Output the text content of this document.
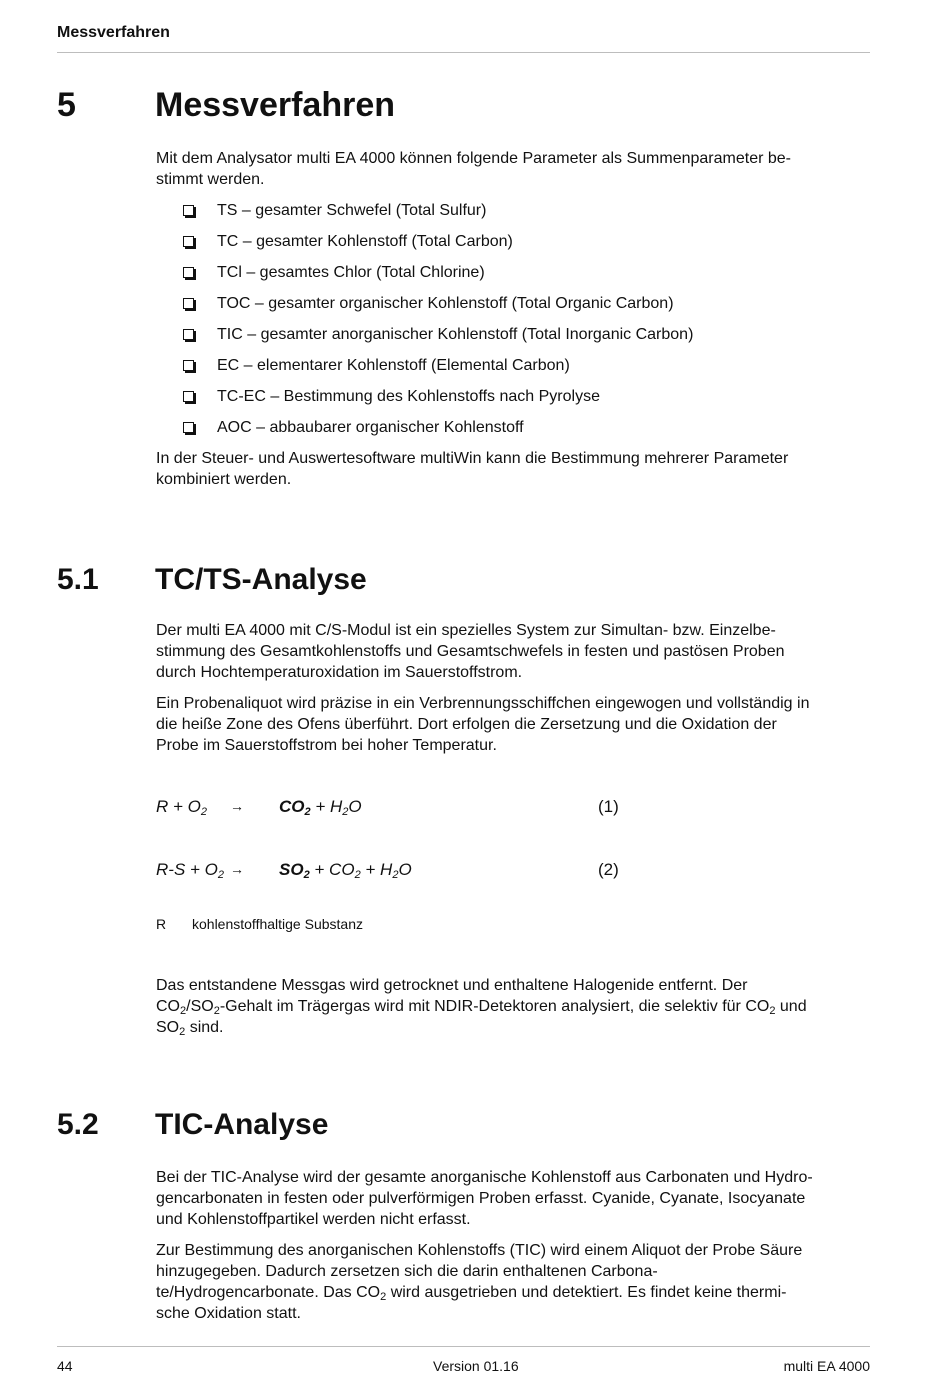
Messverfahren
5 Messverfahren

Mit dem Analysator multi EA 4000 können folgende Parameter als Summenparameter be-
stimmt werden.

TS – gesamter Schwefel (Total Sulfur)
TC – gesamter Kohlenstoff (Total Carbon)
TCl – gesamtes Chlor (Total Chlorine)
TOC – gesamter organischer Kohlenstoff (Total Organic Carbon)
TIC – gesamter anorganischer Kohlenstoff (Total Inorganic Carbon)
EC – elementarer Kohlenstoff (Elemental Carbon)
TC-EC – Bestimmung des Kohlenstoffs nach Pyrolyse
AOC – abbaubarer organischer Kohlenstoff

In der Steuer- und Auswertesoftware multiWin kann die Bestimmung mehrerer Parameter
kombiniert werden.

5.1 TC/TS-Analyse

Der multi EA 4000 mit C/S-Modul ist ein spezielles System zur Simultan- bzw. Einzelbe-
stimmung des Gesamtkohlenstoffs und Gesamtschwefels in festen und pastösen Proben
durch Hochtemperaturoxidation im Sauerstoffstrom.

Ein Probenaliquot wird präzise in ein Verbrennungsschiffchen eingewogen und vollständig in
die heiße Zone des Ofens überführt. Dort erfolgen die Zersetzung und die Oxidation der
Probe im Sauerstoffstrom bei hoher Temperatur.

$R + O_2 \to CO_2 + H_2O$	(1)
$R-S + O_2 \to SO_2 + CO_2 + H_2O$	(2)
R kohlenstoffhaltige Substanz

Das entstandene Messgas wird getrocknet und enthaltene Halogenide entfernt. Der
$CO_2/SO_2$-Gehalt im Trägergas wird mit NDIR-Detektoren analysiert, die selektiv für $CO_2$ und
$SO_2$ sind.

5.2 TIC-Analyse

Bei der TIC-Analyse wird der gesamte anorganische Kohlenstoff aus Carbonaten und Hydro-
gencarbonaten in festen oder pulverförmigen Proben erfasst. Cyanide, Cyanate, Isocyanate
und Kohlenstoffpartikel werden nicht erfasst.

Zur Bestimmung des anorganischen Kohlenstoffs (TIC) wird einem Aliquot der Probe Säure
hinzugegeben. Dadurch zersetzen sich die darin enthaltenen Carbona-
te/Hydrogencarbonate. Das $CO_2$ wird ausgetrieben und detektiert. Es findet keine thermi-
sche Oxidation statt.

44	Version 01.16	multi EA 4000
